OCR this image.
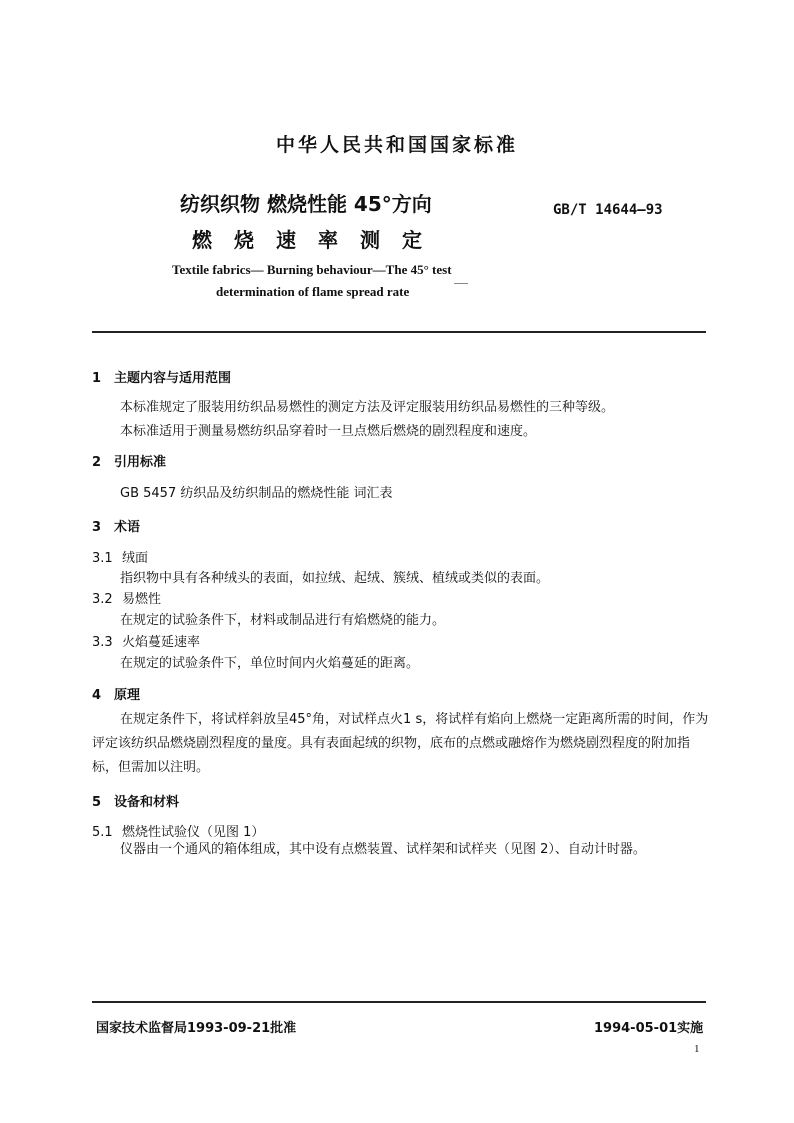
中华人民共和国国家标准
纺织织物 燃烧性能 45°方向
燃烧速率测定
GB/T 14644—93
Textile fabrics— Burning behaviour—The 45° test
determination of flame spread rate
1 主题内容与适用范围
本标准规定了服装用纺织品易燃性的测定方法及评定服装用纺织品易燃性的三种等级。
本标准适用于测量易燃纺织品穿着时一旦点燃后燃烧的剧烈程度和速度。
2 引用标准
GB 5457 纺织品及纺织制品的燃烧性能 词汇表
3 术语
3.1 绒面
指织物中具有各种绒头的表面，如拉绒、起绒、簇绒、植绒或类似的表面。
3.2 易燃性
在规定的试验条件下，材料或制品进行有焰燃烧的能力。
3.3 火焰蔓延速率
在规定的试验条件下，单位时间内火焰蔓延的距离。
4 原理
在规定条件下，将试样斜放呈45°角，对试样点火1 s，将试样有焰向上燃烧一定距离所需的时间，作为评定该纺织品燃烧剧烈程度的量度。具有表面起绒的织物，底布的点燃或融熔作为燃烧剧烈程度的附加指标，但需加以注明。
5 设备和材料
5.1 燃烧性试验仪（见图 1）
仪器由一个通风的箱体组成，其中设有点燃装置、试样架和试样夹（见图 2）、自动计时器。
国家技术监督局1993-09-21批准	1994-05-01实施
1
